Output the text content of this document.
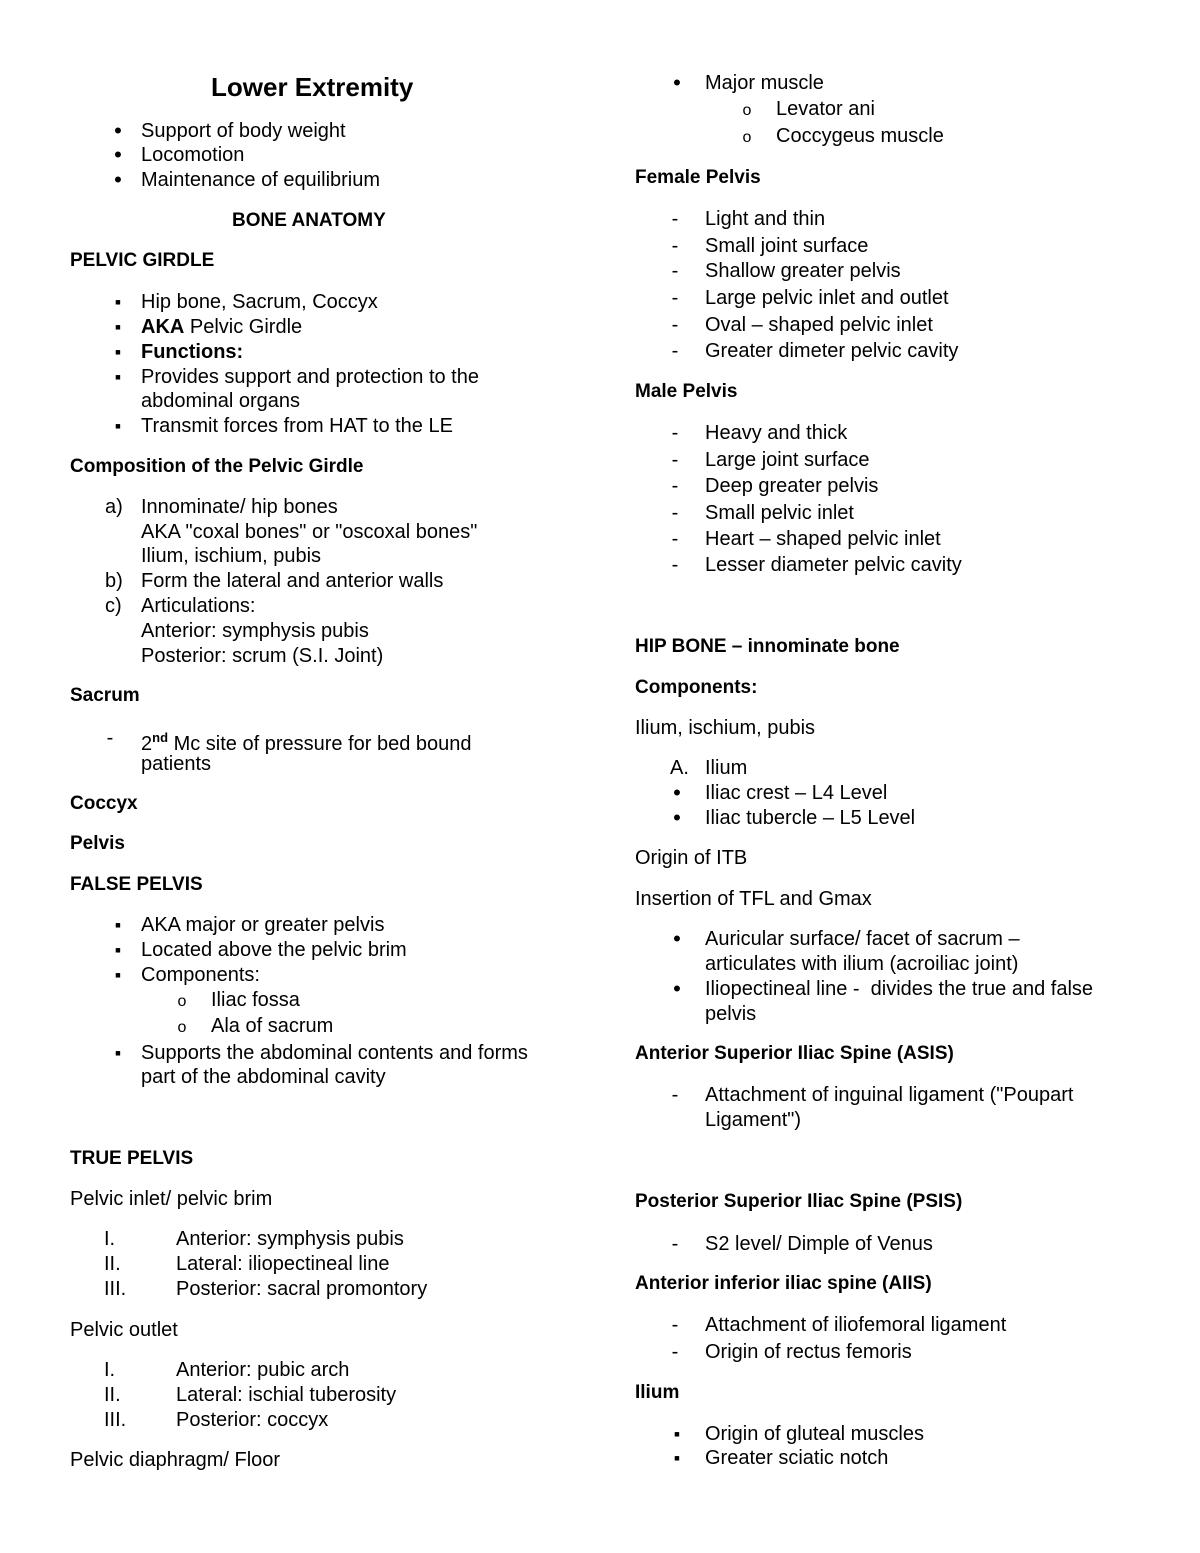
Lower Extremity
•
Support of body weight
•
Locomotion
•
Maintenance of equilibrium
BONE ANATOMY
PELVIC GIRDLE
▪
Hip bone, Sacrum, Coccyx
▪
AKA Pelvic Girdle
▪
Functions:
▪
Provides support and protection to the
abdominal organs
▪
Transmit forces from HAT to the LE
Composition of the Pelvic Girdle
a) Innominate/ hip bones
AKA "coxal bones" or "oscoxal bones"
Ilium, ischium, pubis
b) Form the lateral and anterior walls
c) Articulations:
Anterior: symphysis pubis
Posterior: scrum (S.I. Joint)
Sacrum
-
2nd Mc site of pressure for bed bound
patients
Coccyx
Pelvis
FALSE PELVIS
▪
AKA major or greater pelvis
▪
Located above the pelvic brim
▪
Components:
o
Iliac fossa
o
Ala of sacrum
▪
Supports the abdominal contents and forms
part of the abdominal cavity
TRUE PELVIS
Pelvic inlet/ pelvic brim
I.	Anterior: symphysis pubis
II.	Lateral: iliopectineal line
III.	Posterior: sacral promontory
Pelvic outlet
I.	Anterior: pubic arch
II.	Lateral: ischial tuberosity
III.	Posterior: coccyx
Pelvic diaphragm/ Floor
•
Major muscle
o
Levator ani
o
Coccygeus muscle
Female Pelvis
-
Light and thin
-
Small joint surface
-
Shallow greater pelvis
-
Large pelvic inlet and outlet
-
Oval – shaped pelvic inlet
-
Greater dimeter pelvic cavity
Male Pelvis
-
Heavy and thick
-
Large joint surface
-
Deep greater pelvis
-
Small pelvic inlet
-
Heart – shaped pelvic inlet
-
Lesser diameter pelvic cavity
HIP BONE – innominate bone
Components:
Ilium, ischium, pubis
A. Ilium
•
Iliac crest – L4 Level
•
Iliac tubercle – L5 Level
Origin of ITB
Insertion of TFL and Gmax
•
Auricular surface/ facet of sacrum –
articulates with ilium (acroiliac joint)
•
Iliopectineal line -  divides the true and false
pelvis
Anterior Superior Iliac Spine (ASIS)
-
Attachment of inguinal ligament ("Poupart
Ligament")
Posterior Superior Iliac Spine (PSIS)
-
S2 level/ Dimple of Venus
Anterior inferior iliac spine (AIIS)
-
Attachment of iliofemoral ligament
-
Origin of rectus femoris
Ilium
▪
Origin of gluteal muscles
▪
Greater sciatic notch
